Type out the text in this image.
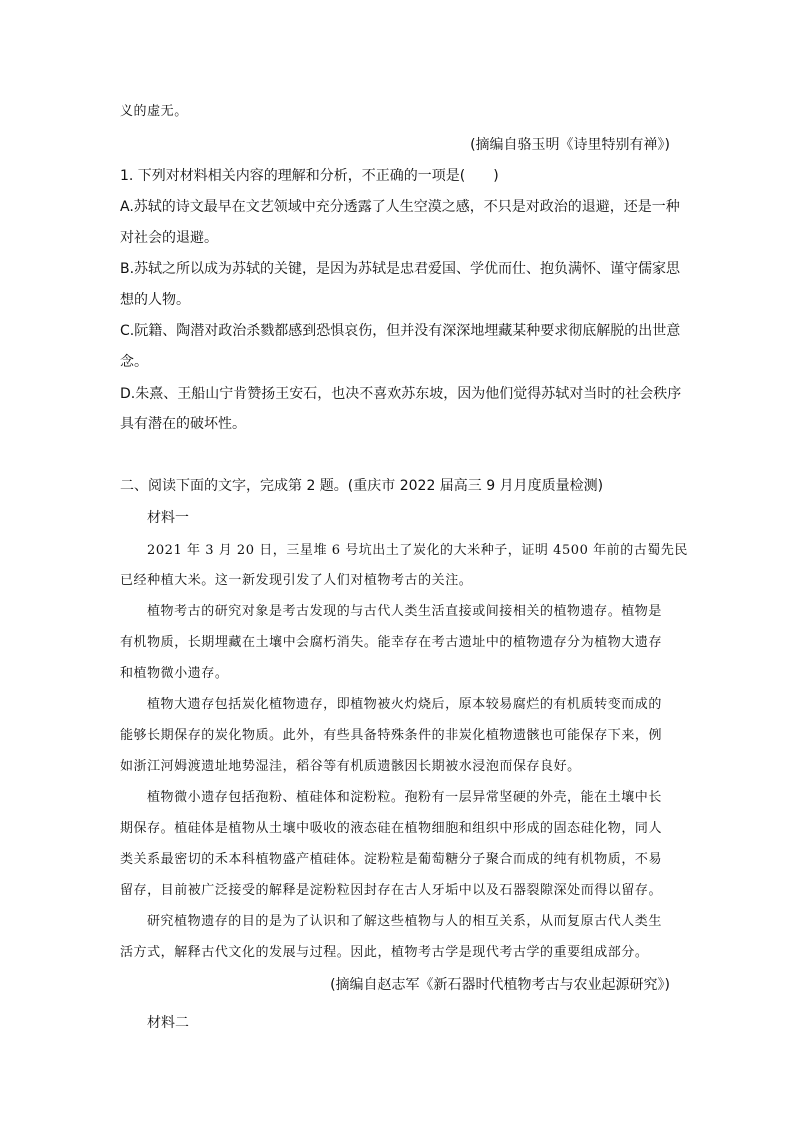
义的虚无。
(摘编自骆玉明《诗里特别有禅》)
1. 下列对材料相关内容的理解和分析，不正确的一项是(　　)
A.苏轼的诗文最早在文艺领域中充分透露了人生空漠之感，不只是对政治的退避，还是一种
对社会的退避。
B.苏轼之所以成为苏轼的关键，是因为苏轼是忠君爱国、学优而仕、抱负满怀、谨守儒家思
想的人物。
C.阮籍、陶潜对政治杀戮都感到恐惧哀伤，但并没有深深地埋藏某种要求彻底解脱的出世意
念。
D.朱熹、王船山宁肯赞扬王安石，也决不喜欢苏东坡，因为他们觉得苏轼对当时的社会秩序
具有潜在的破坏性。
二、阅读下面的文字，完成第 2 题。(重庆市 2022 届高三 9 月月度质量检测)
材料一
2021 年 3 月 20 日，三星堆 6 号坑出土了炭化的大米种子，证明 4500 年前的古蜀先民
已经种植大米。这一新发现引发了人们对植物考古的关注。
植物考古的研究对象是考古发现的与古代人类生活直接或间接相关的植物遗存。植物是
有机物质，长期埋藏在土壤中会腐朽消失。能幸存在考古遗址中的植物遗存分为植物大遗存
和植物微小遗存。
植物大遗存包括炭化植物遗存，即植物被火灼烧后，原本较易腐烂的有机质转变而成的
能够长期保存的炭化物质。此外，有些具备特殊条件的非炭化植物遗骸也可能保存下来，例
如浙江河姆渡遗址地势湿洼，稻谷等有机质遗骸因长期被水浸泡而保存良好。
植物微小遗存包括孢粉、植硅体和淀粉粒。孢粉有一层异常坚硬的外壳，能在土壤中长
期保存。植硅体是植物从土壤中吸收的液态硅在植物细胞和组织中形成的固态硅化物，同人
类关系最密切的禾本科植物盛产植硅体。淀粉粒是葡萄糖分子聚合而成的纯有机物质，不易
留存，目前被广泛接受的解释是淀粉粒因封存在古人牙垢中以及石器裂隙深处而得以留存。
研究植物遗存的目的是为了认识和了解这些植物与人的相互关系，从而复原古代人类生
活方式，解释古代文化的发展与过程。因此，植物考古学是现代考古学的重要组成部分。
(摘编自赵志军《新石器时代植物考古与农业起源研究》)
材料二
